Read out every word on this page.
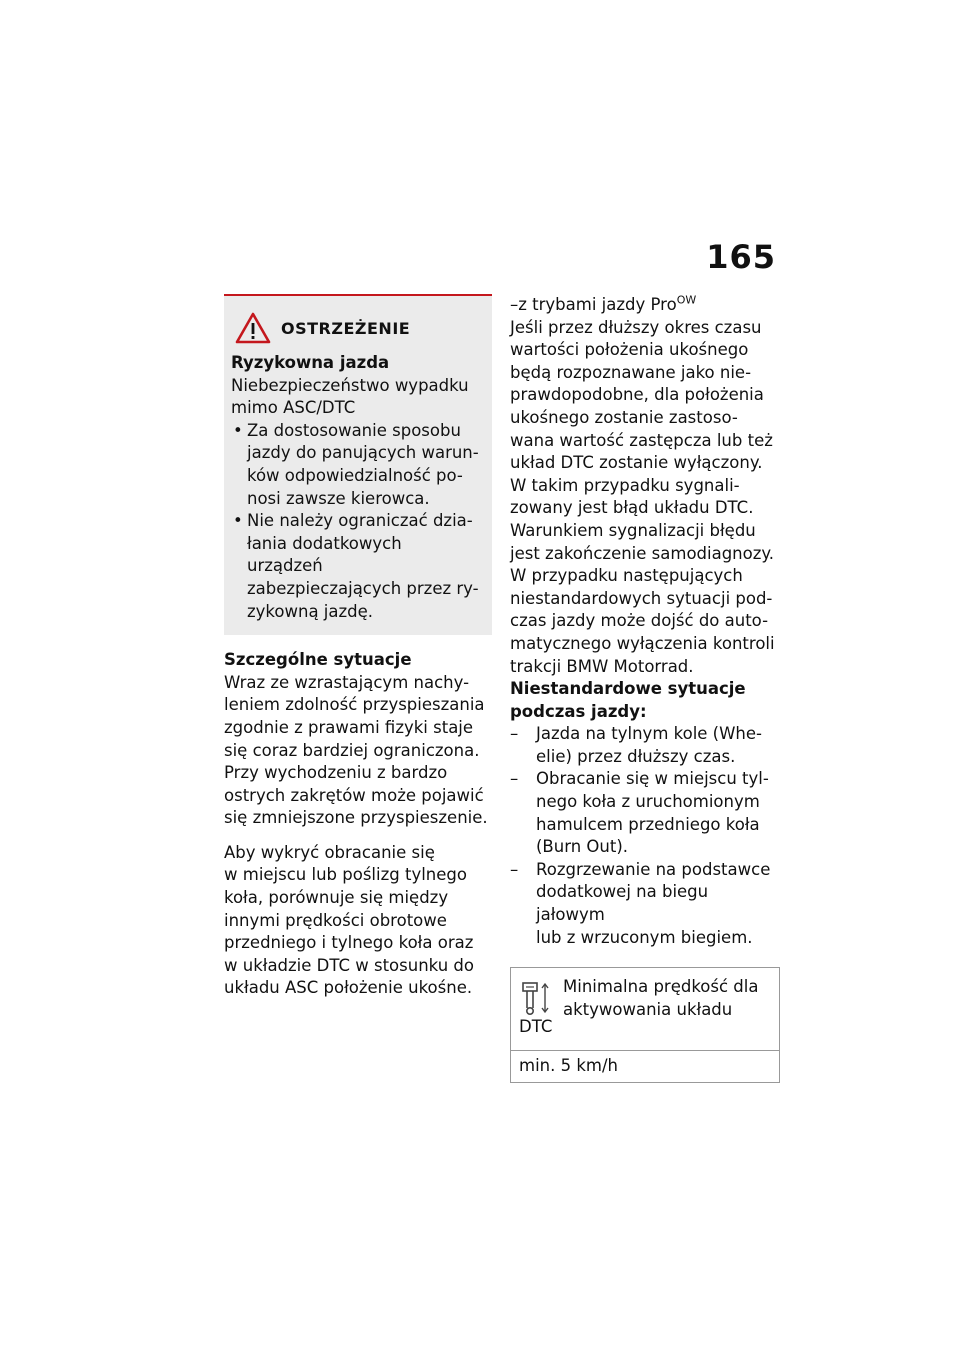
165
OSTRZEŻENIE
Ryzykowna jazda
Niebezpieczeństwo wypadku
mimo ASC/DTC
• Za dostosowanie sposobu
jazdy do panujących warun-
ków odpowiedzialność po-
nosi zawsze kierowca.
• Nie należy ograniczać dzia-
łania dodatkowych urządzeń
zabezpieczających przez ry-
zykowną jazdę.
Szczególne sytuacje
Wraz ze wzrastającym nachy-
leniem zdolność przyspieszania
zgodnie z prawami fizyki staje
się coraz bardziej ograniczona.
Przy wychodzeniu z bardzo
ostrych zakrętów może pojawić
się zmniejszone przyspieszenie.
Aby wykryć obracanie się
w miejscu lub poślizg tylnego
koła, porównuje się między
innymi prędkości obrotowe
przedniego i tylnego koła oraz
w układzie DTC w stosunku do
układu ASC położenie ukośne.
–z trybami jazdy Pro$^{OW}$
Jeśli przez dłuższy okres czasu
wartości położenia ukośnego
będą rozpoznawane jako nie-
prawdopodobne, dla położenia
ukośnego zostanie zastoso-
wana wartość zastępcza lub też
układ DTC zostanie wyłączony.
W takim przypadku sygnali-
zowany jest błąd układu DTC.
Warunkiem sygnalizacji błędu
jest zakończenie samodiagnozy.
W przypadku następujących
niestandardowych sytuacji pod-
czas jazdy może dojść do auto-
matycznego wyłączenia kontroli
trakcji BMW Motorrad.
Niestandardowe sytuacje
podczas jazdy:
– Jazda na tylnym kole (Whe-
elie) przez dłuższy czas.
– Obracanie się w miejscu tyl-
nego koła z uruchomionym
hamulcem przedniego koła
(Burn Out).
– Rozgrzewanie na podstawce
dodatkowej na biegu jałowym
lub z wrzuconym biegiem.
Minimalna prędkość dla
aktywowania układu
DTC
min. 5 km/h
